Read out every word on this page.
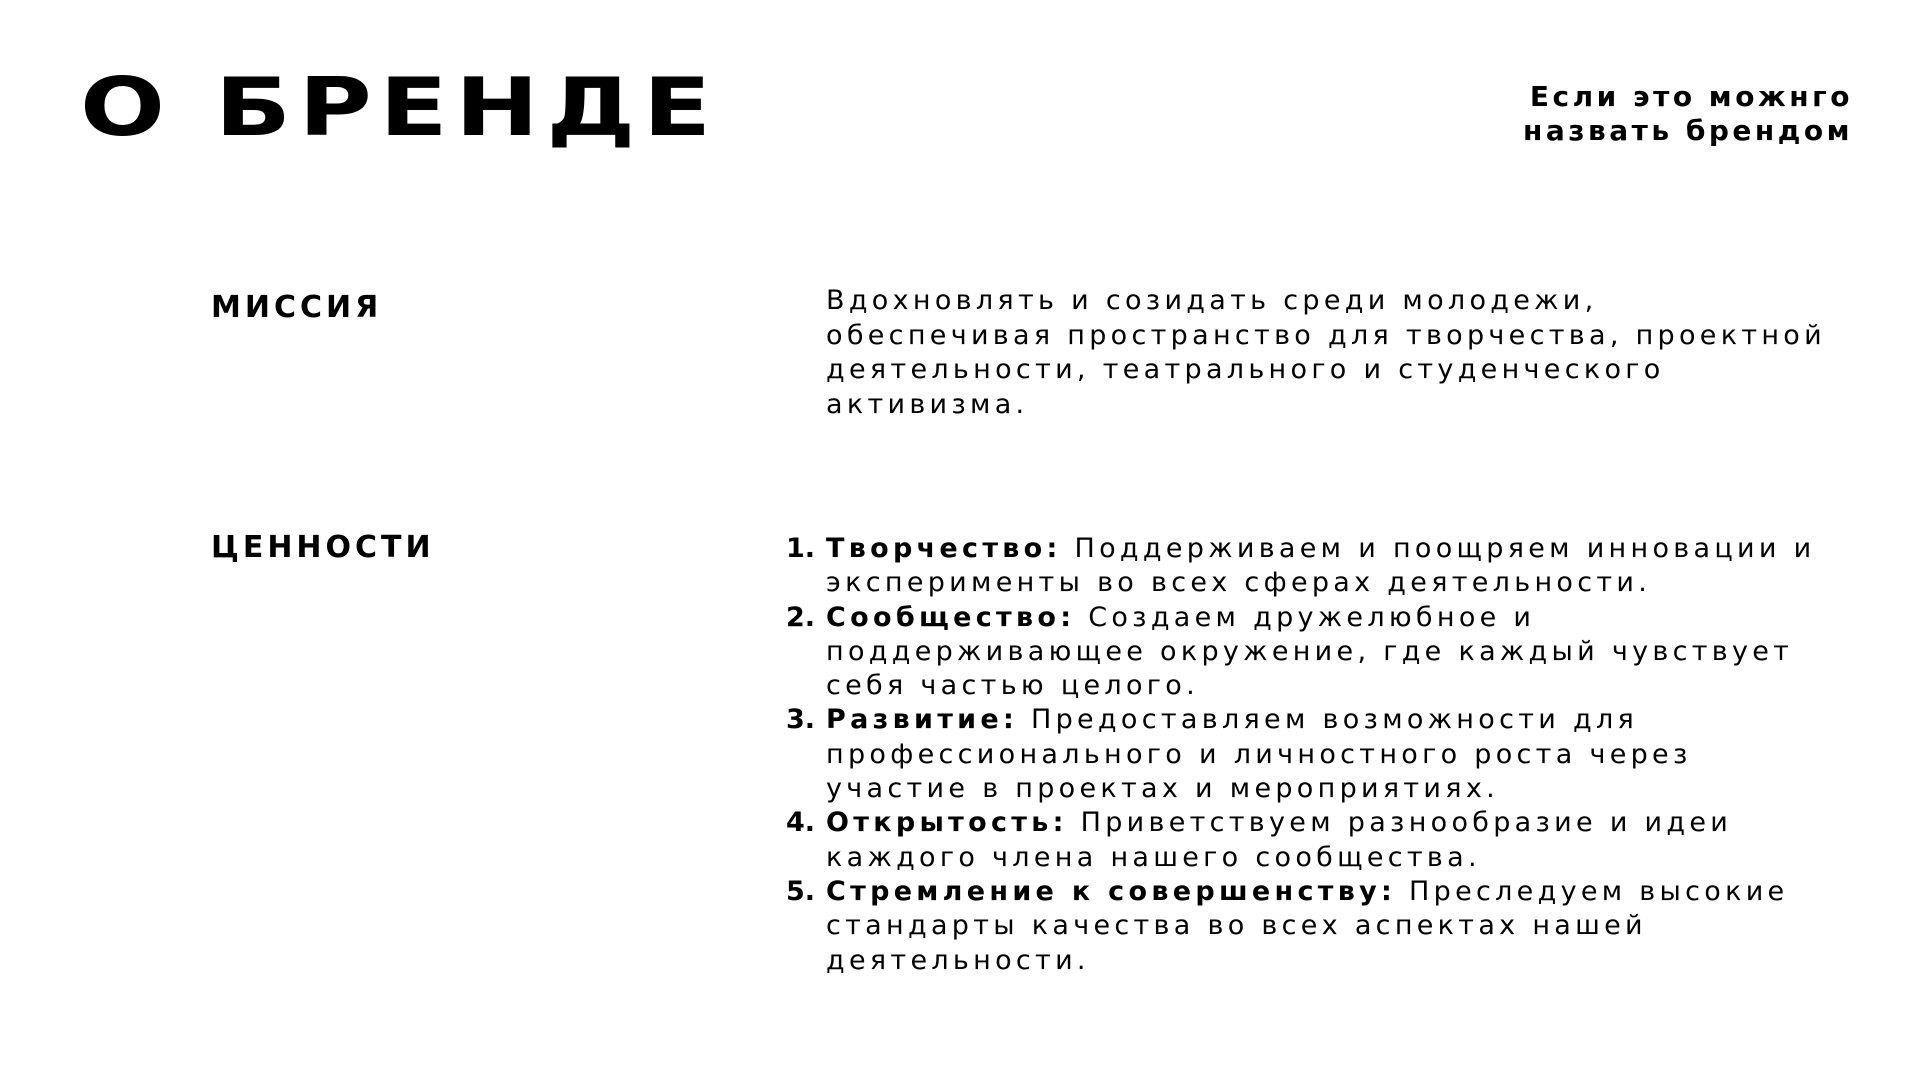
О БРЕНДЕ	Если это можнго
назвать брендом
МИССИЯ	Вдохновлять и созидать среди молодежи, обеспечивая пространство для творчества, проектной деятельности, театрального и студенческого активизма.
ЦЕННОСТИ	1. Творчество: Поддерживаем и поощряем инновации и эксперименты во всех сферах деятельности.
2. Сообщество: Создаем дружелюбное и поддерживающее окружение, где каждый чувствует себя частью целого.
3. Развитие: Предоставляем возможности для профессионального и личностного роста через участие в проектах и мероприятиях.
4. Открытость: Приветствуем разнообразие и идеи каждого члена нашего сообщества.
5. Стремление к совершенству: Преследуем высокие стандарты качества во всех аспектах нашей деятельности.
